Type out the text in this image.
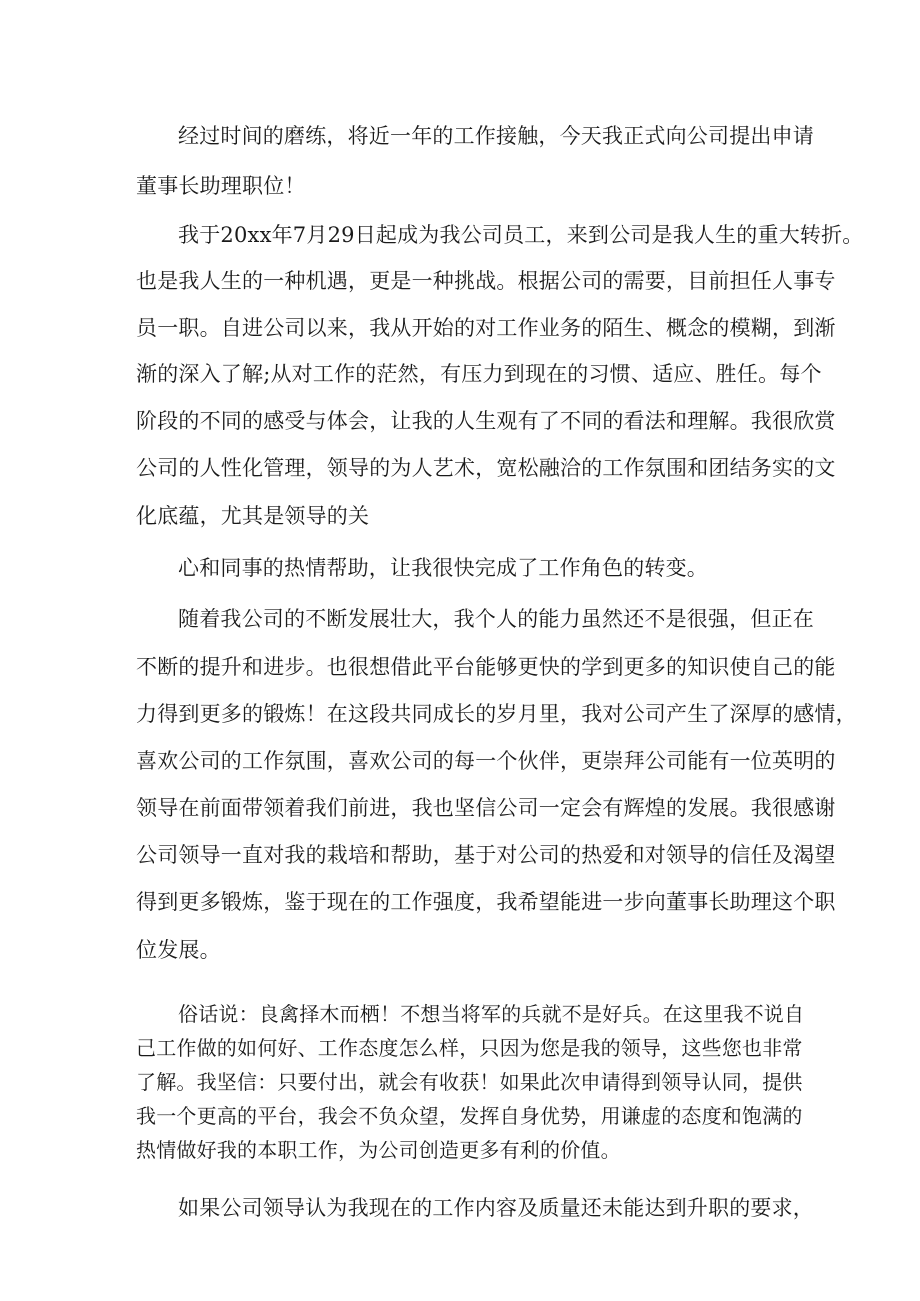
经过时间的磨练，将近一年的工作接触，今天我正式向公司提出申请
董事长助理职位！
我于20xx年7月29日起成为我公司员工，来到公司是我人生的重大转折。
也是我人生的一种机遇，更是一种挑战。根据公司的需要，目前担任人事专
员一职。自进公司以来，我从开始的对工作业务的陌生、概念的模糊，到渐
渐的深入了解;从对工作的茫然，有压力到现在的习惯、适应、胜任。每个
阶段的不同的感受与体会，让我的人生观有了不同的看法和理解。我很欣赏
公司的人性化管理，领导的为人艺术，宽松融洽的工作氛围和团结务实的文
化底蕴，尤其是领导的关
心和同事的热情帮助，让我很快完成了工作角色的转变。
随着我公司的不断发展壮大，我个人的能力虽然还不是很强，但正在
不断的提升和进步。也很想借此平台能够更快的学到更多的知识使自己的能
力得到更多的锻炼！在这段共同成长的岁月里，我对公司产生了深厚的感情，
喜欢公司的工作氛围，喜欢公司的每一个伙伴，更崇拜公司能有一位英明的
领导在前面带领着我们前进，我也坚信公司一定会有辉煌的发展。我很感谢
公司领导一直对我的栽培和帮助，基于对公司的热爱和对领导的信任及渴望
得到更多锻炼，鉴于现在的工作强度，我希望能进一步向董事长助理这个职
位发展。
俗话说：良禽择木而栖！不想当将军的兵就不是好兵。在这里我不说自
己工作做的如何好、工作态度怎么样，只因为您是我的领导，这些您也非常
了解。我坚信：只要付出，就会有收获！如果此次申请得到领导认同，提供
我一个更高的平台，我会不负众望，发挥自身优势，用谦虚的态度和饱满的
热情做好我的本职工作，为公司创造更多有利的价值。
如果公司领导认为我现在的工作内容及质量还未能达到升职的要求，
